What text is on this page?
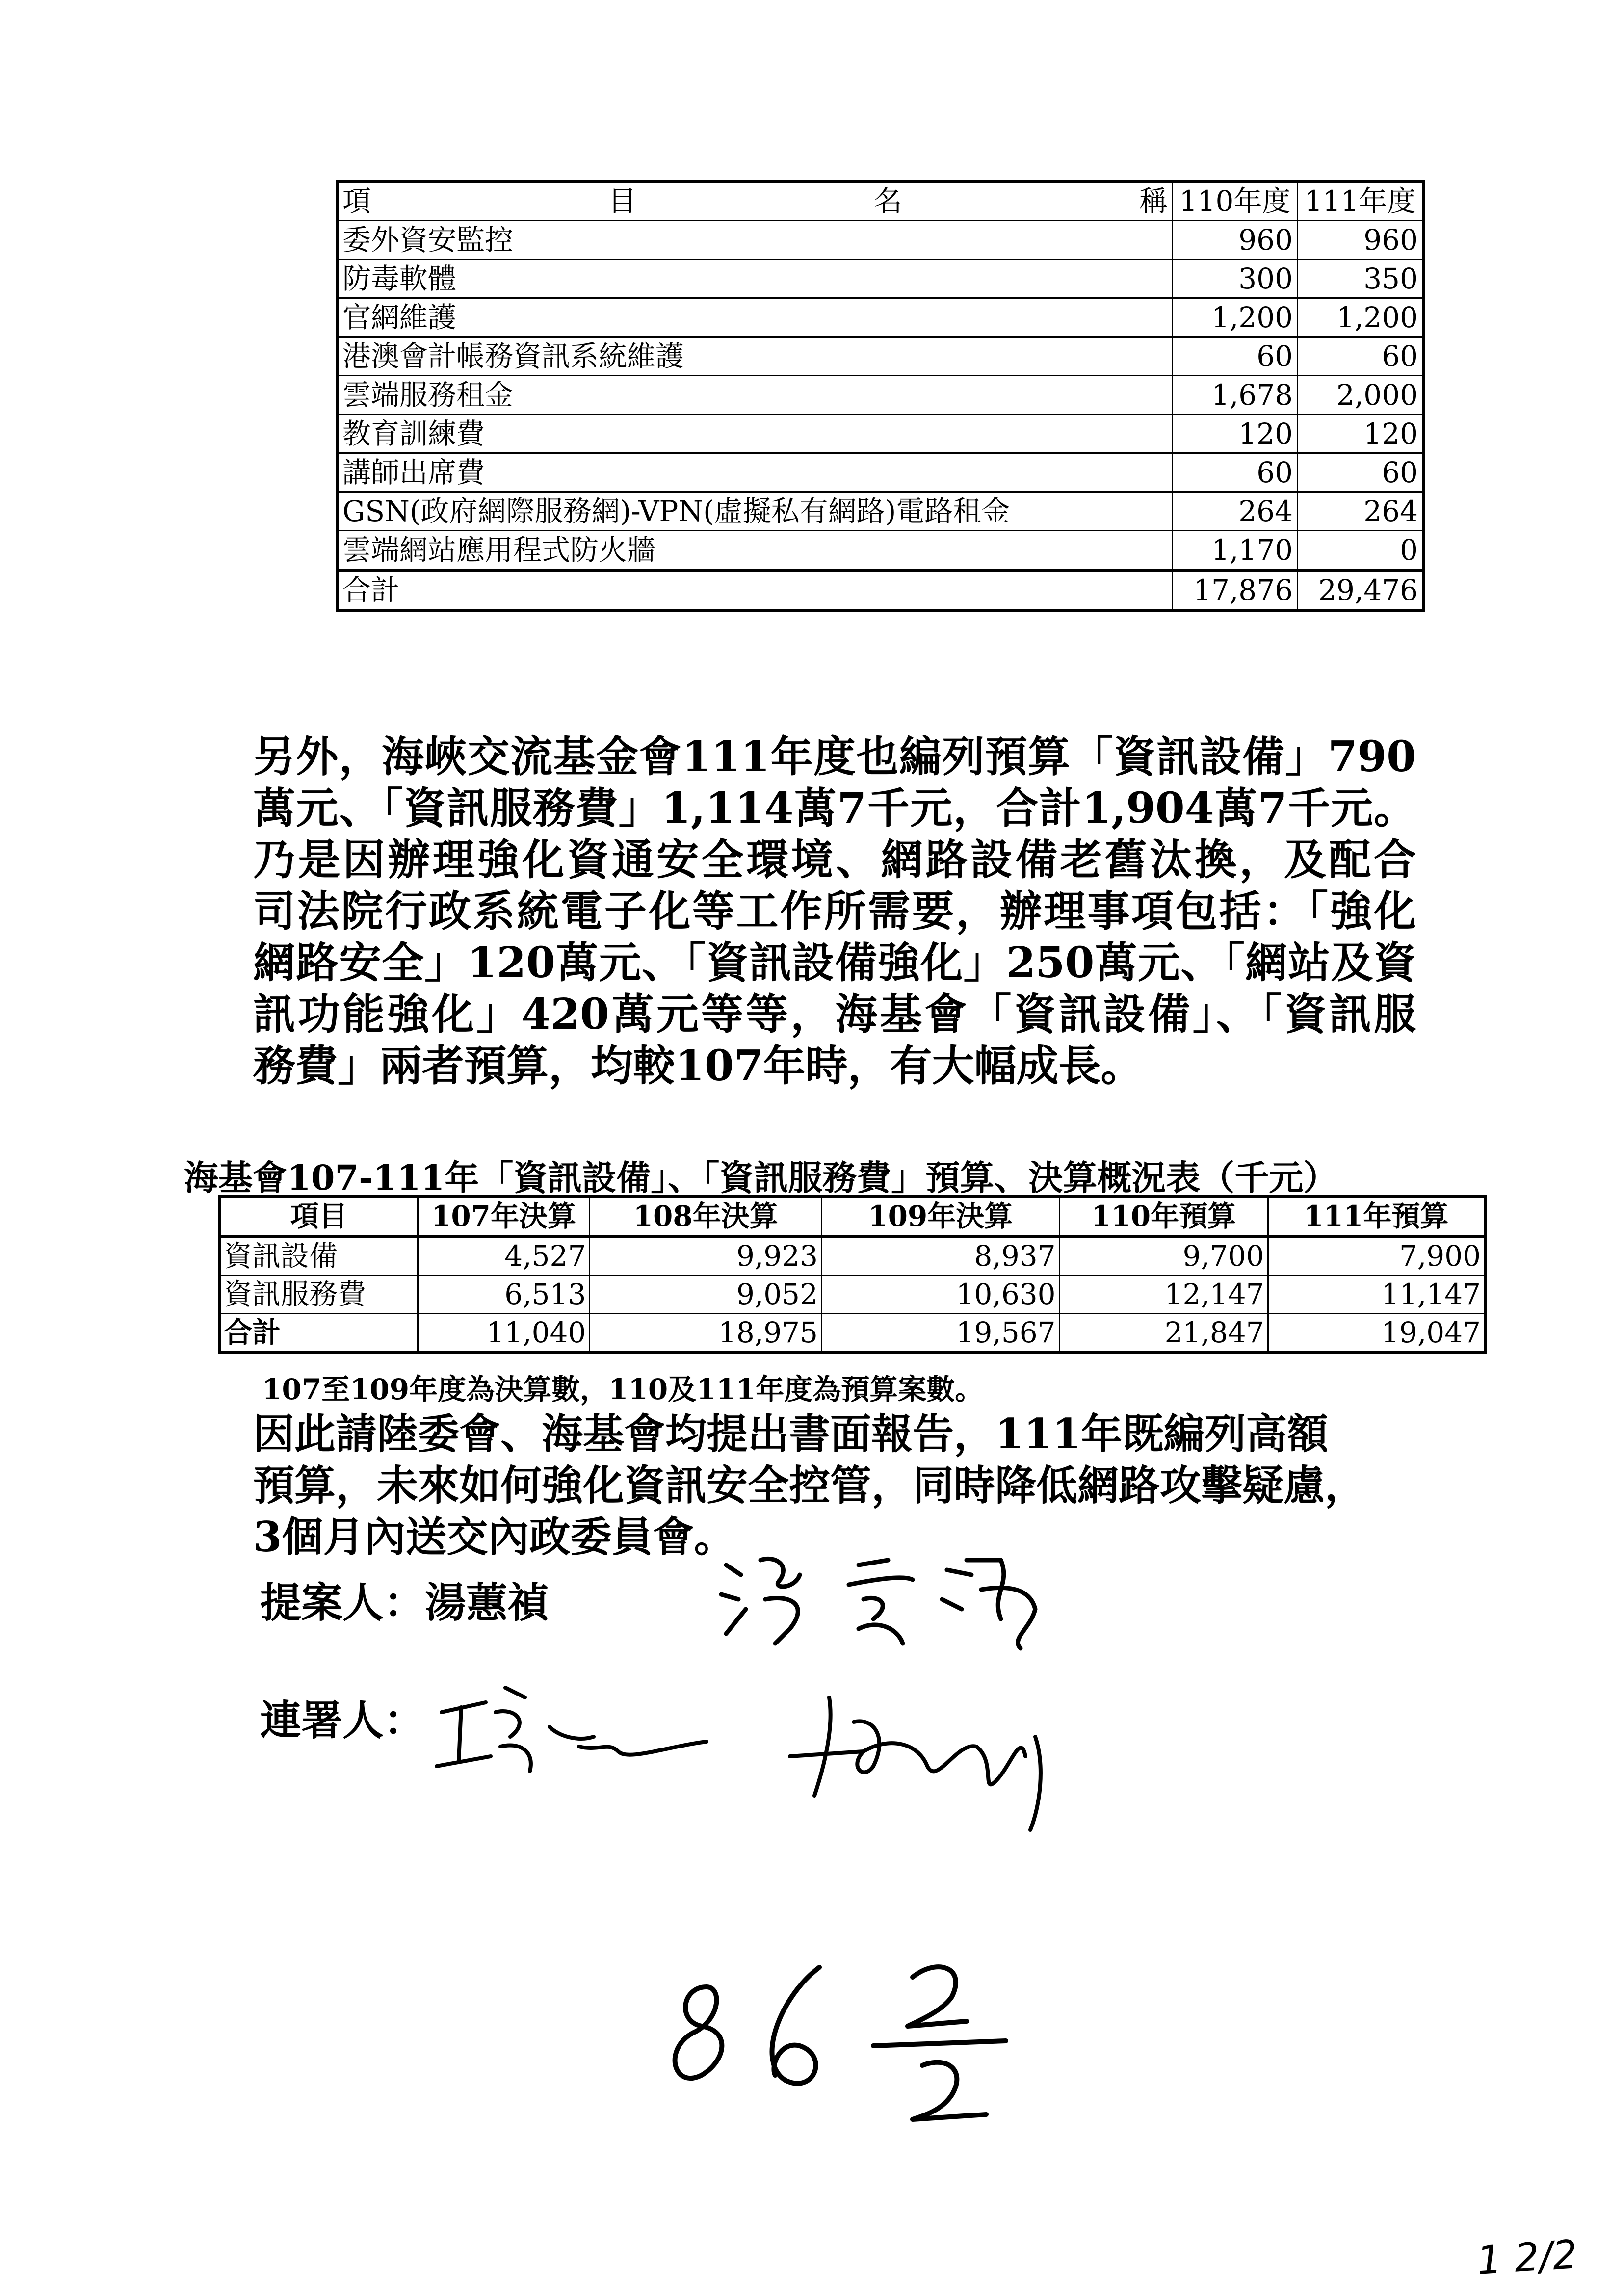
項 目 名 稱	110年度	111年度
委外資安監控	960	960
防毒軟體	300	350
官網維護	1,200	1,200
港澳會計帳務資訊系統維護	60	60
雲端服務租金	1,678	2,000
教育訓練費	120	120
講師出席費	60	60
GSN(政府網際服務網)-VPN(虛擬私有網路)電路租金	264	264
雲端網站應用程式防火牆	1,170	0
合計	17,876	29,476
另外，海峽交流基金會111年度也編列預算「資訊設備」790
萬元、「資訊服務費」1,114萬7千元，合計1,904萬7千元。
乃是因辦理強化資通安全環境、網路設備老舊汰換，及配合
司法院行政系統電子化等工作所需要，辦理事項包括：「強化
網路安全」120萬元、「資訊設備強化」250萬元、「網站及資
訊功能強化」420萬元等等，海基會「資訊設備」、「資訊服
務費」兩者預算，均較107年時，有大幅成長。
海基會107-111年「資訊設備」、「資訊服務費」預算、決算概況表（千元）
項目	107年決算	108年決算	109年決算	110年預算	111年預算
資訊設備	4,527	9,923	8,937	9,700	7,900
資訊服務費	6,513	9,052	10,630	12,147	11,147
合計	11,040	18,975	19,567	21,847	19,047
107至109年度為決算數，110及111年度為預算案數。
因此請陸委會、海基會均提出書面報告，111年既編列高額
預算，未來如何強化資訊安全控管，同時降低網路攻擊疑慮，
3個月內送交內政委員會。
提案人：湯蕙禎
連署人：
1 2/2
